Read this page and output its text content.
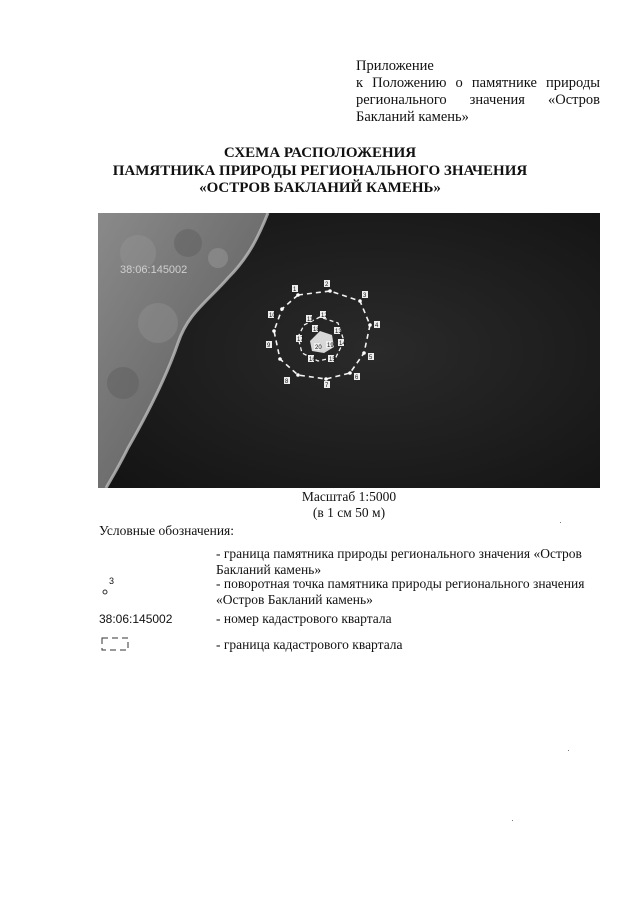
Приложение
к Положению о памятнике природы
регионального значения «Остров
Бакланий камень»
СХЕМА РАСПОЛОЖЕНИЯ
ПАМЯТНИКА ПРИРОДЫ РЕГИОНАЛЬНОГО ЗНАЧЕНИЯ
«ОСТРОВ БАКЛАНИЙ КАМЕНЬ»
38:06:145002
1
2
3
4
5
6
7
8
9
10
11
12
13
14
15
16
17
18
19
20
Масштаб 1:5000
(в 1 см 50 м)
Условные обозначения:
- граница памятника природы регионального значения «Остров Бакланий камень»
3	- поворотная точка памятника природы регионального значения «Остров Бакланий камень»
38:06:145002	- номер кадастрового квартала
- граница кадастрового квартала
